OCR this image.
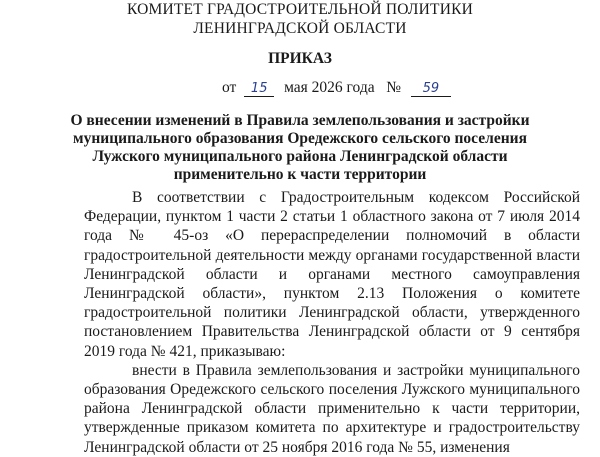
КОМИТЕТ ГРАДОСТРОИТЕЛЬНОЙ ПОЛИТИКИ
ЛЕНИНГРАДСКОЙ ОБЛАСТИ
ПРИКАЗ
от 15 мая 2026 года № 59
О внесении изменений в Правила землепользования и застройки
муниципального образования Оредежского сельского поселения
Лужского муниципального района Ленинградской области
применительно к части территории

В соответствии с Градостроительным кодексом Российской Федерации, пунктом 1 части 2 статьи 1 областного закона от 7 июля 2014 года № 45-оз «О перераспределении полномочий в области градостроительной деятельности между органами государственной власти Ленинградской области и органами местного самоуправления Ленинградской области», пунктом 2.13 Положения о комитете градостроительной политики Ленинградской области, утвержденного постановлением Правительства Ленинградской области от 9 сентября 2019 года № 421, приказываю:

внести в Правила землепользования и застройки муниципального образования Оредежского сельского поселения Лужского муниципального района Ленинградской области применительно к части территории, утвержденные приказом комитета по архитектуре и градостроительству Ленинградской области от 25 ноября 2016 года № 55, изменения
